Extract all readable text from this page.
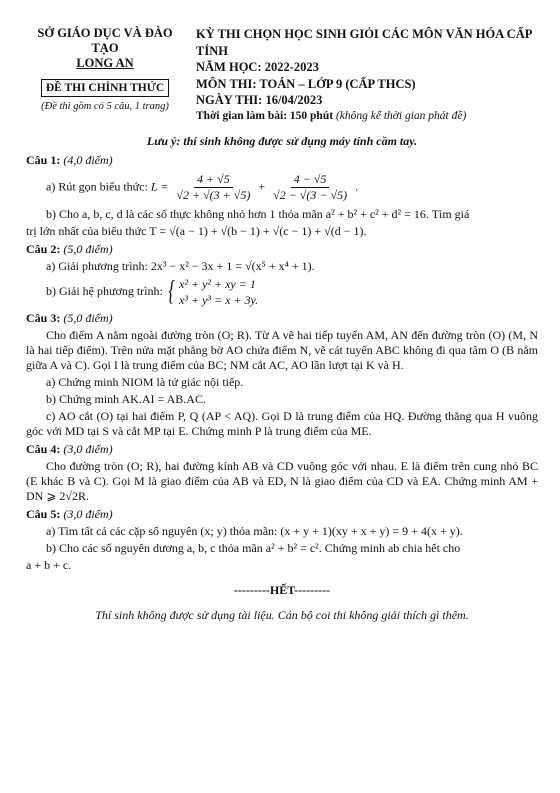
SỞ GIÁO DỤC VÀ ĐÀO TẠO
LONG AN
ĐỀ THI CHÍNH THỨC
(Đề thi gồm có 5 câu, 1 trang)
KỲ THI CHỌN HỌC SINH GIỎI CÁC MÔN VĂN HÓA CẤP TỈNH
NĂM HỌC: 2022-2023
MÔN THI: TOÁN – LỚP 9 (CẤP THCS)
NGÀY THI: 16/04/2023
Thời gian làm bài: 150 phút (không kể thời gian phát đề)
Lưu ý: thí sinh không được sử dụng máy tính cầm tay.
Câu 1: (4,0 điểm)
a) Rút gọn biểu thức: $L = \frac{4 + √5}{√2 + √(3 + √5)} + \frac{4 - √5}{√2 - √(3 - √5)}$ .
b) Cho a, b, c, d là các số thực không nhỏ hơn 1 thỏa mãn a² + b² + c² + d² = 16. Tìm giá
trị lớn nhất của biểu thức T = √(a − 1) + √(b − 1) + √(c − 1) + √(d − 1).
Câu 2: (5,0 điểm)
a) Giải phương trình: 2x³ − x² − 3x + 1 = √(x⁵ + x⁴ + 1).
b) Giải hệ phương trình: { x² + y² + xy = 1
x³ + y³ = x + 3y.
Câu 3: (5,0 điểm)
Cho điểm A nằm ngoài đường tròn (O; R). Từ A vẽ hai tiếp tuyến AM, AN đến đường tròn (O) (M, N là hai tiếp điểm). Trên nửa mặt phẳng bờ AO chứa điểm N, vẽ cát tuyến ABC không đi qua tâm O (B nằm giữa A và C). Gọi I là trung điểm của BC; NM cắt AC, AO lần lượt tại K và H.
a) Chứng minh NIOM là tứ giác nội tiếp.
b) Chứng minh AK.AI = AB.AC.
c) AO cắt (O) tại hai điểm P, Q (AP < AQ). Gọi D là trung điểm của HQ. Đường thẳng qua H vuông góc với MD tại S và cắt MP tại E. Chứng minh P là trung điểm của ME.
Câu 4: (3,0 điểm)
Cho đường tròn (O; R), hai đường kính AB và CD vuông góc với nhau. E là điểm trên cung nhỏ BC (E khác B và C). Gọi M là giao điểm của AB và ED, N là giao điểm của CD và EA. Chứng minh AM + DN ⩾ 2√2R.
Câu 5: (3,0 điểm)
a) Tìm tất cả các cặp số nguyên (x; y) thỏa mãn: (x + y + 1)(xy + x + y) = 9 + 4(x + y).
b) Cho các số nguyên dương a, b, c thỏa mãn a² + b² = c². Chứng minh ab chia hết cho
a + b + c.
---------HẾT---------
Thí sinh không được sử dụng tài liệu. Cán bộ coi thi không giải thích gì thêm.
